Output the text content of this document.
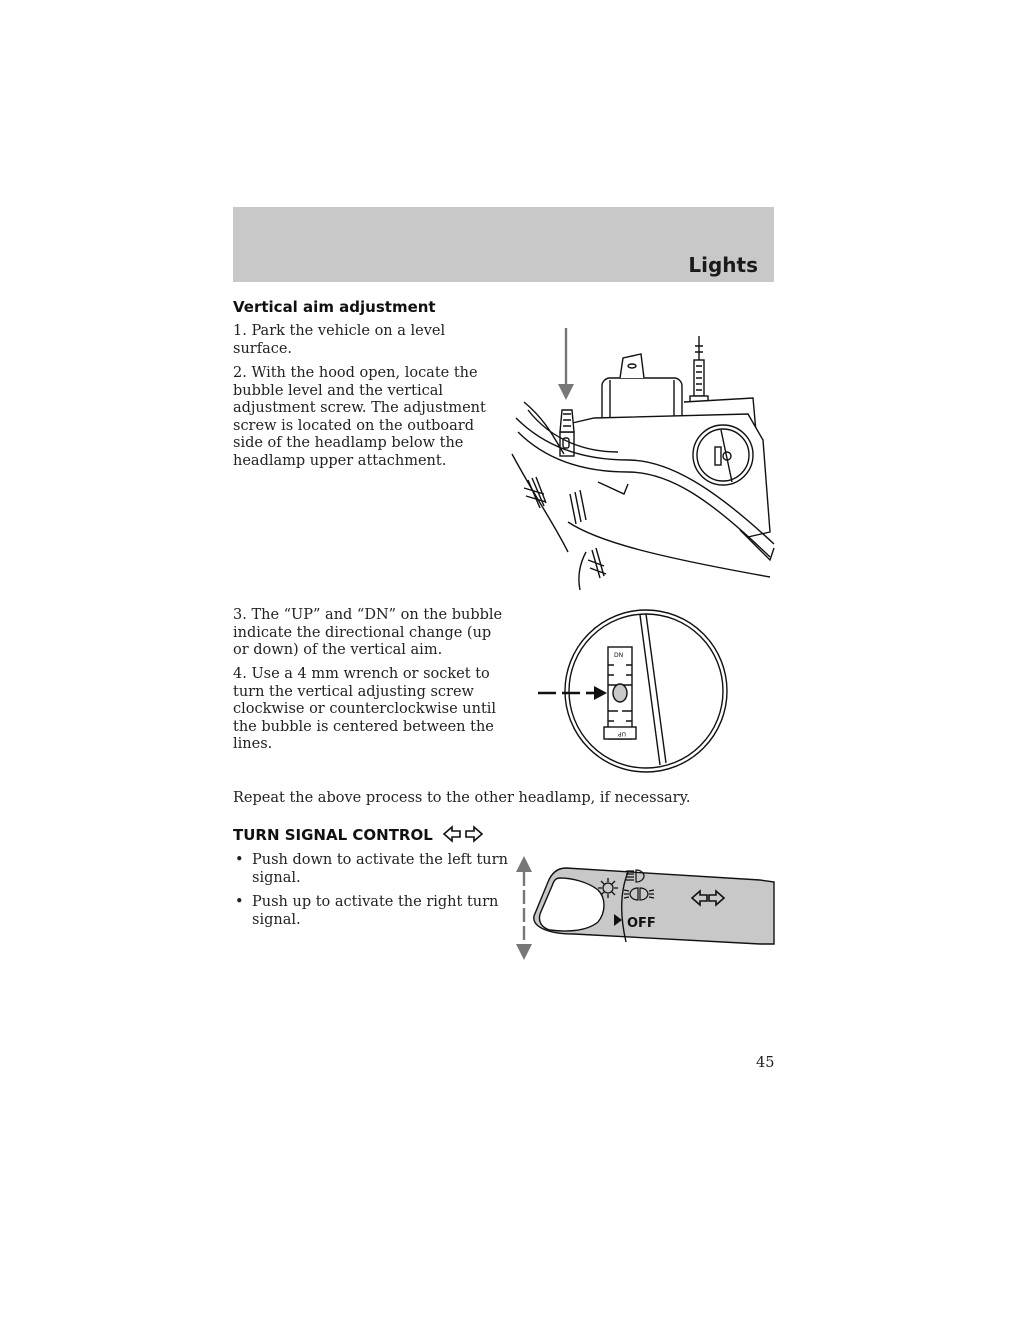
Lights
Vertical aim adjustment

1. Park the vehicle on a level surface.

2. With the hood open, locate the bubble level and the vertical adjustment screw. The adjustment screw is located on the outboard side of the headlamp below the headlamp upper attachment.

3. The “UP” and “DN” on the bubble indicate the directional change (up or down) of the vertical aim.

4. Use a 4 mm wrench or socket to turn the vertical adjusting screw clockwise or counterclockwise until the bubble is centered between the lines.

Repeat the above process to the other headlamp, if necessary.

DN
UP
TURN SIGNAL CONTROL
• Push down to activate the left turn signal.
• Push up to activate the right turn signal.	OFF
45
